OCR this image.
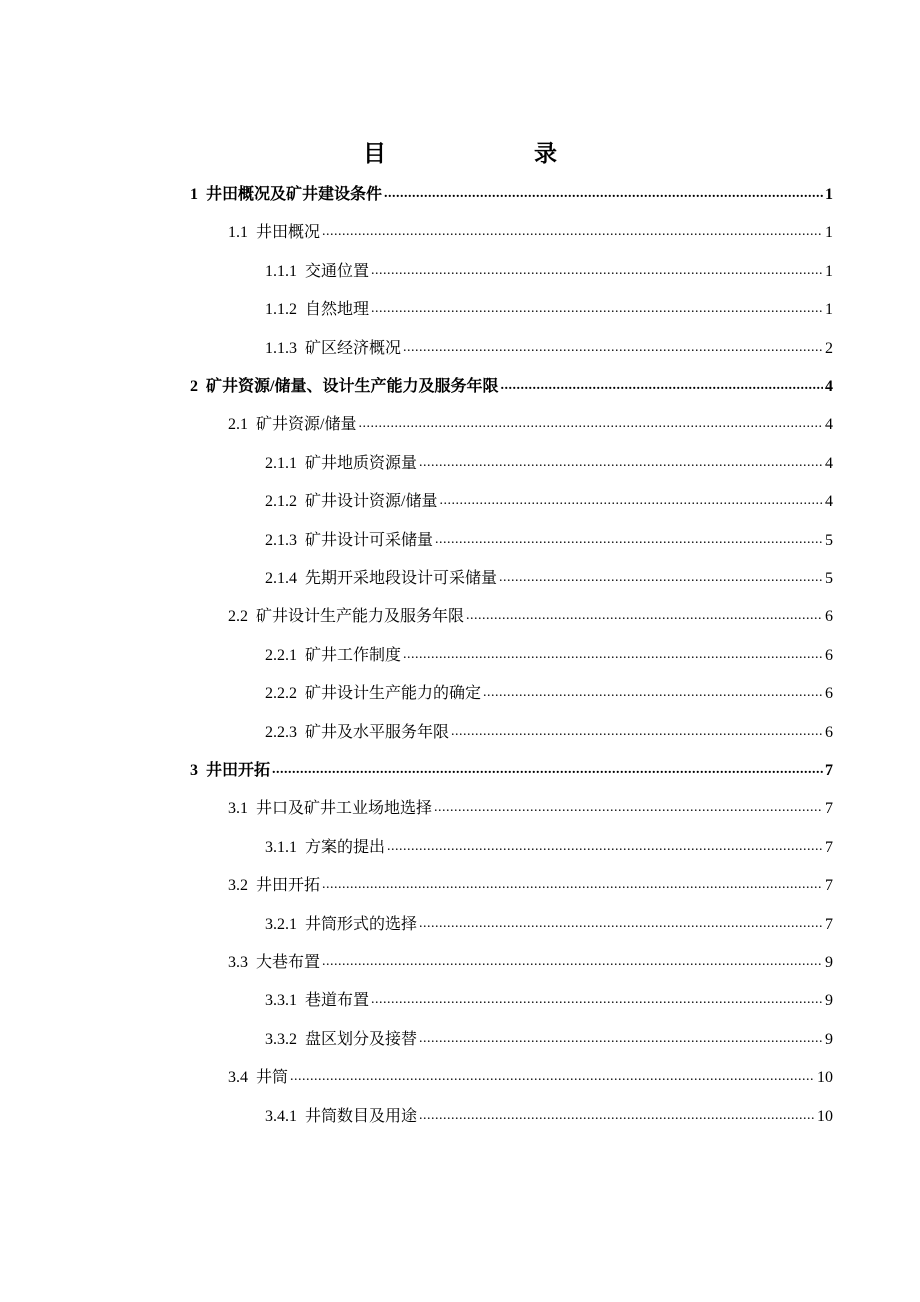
目　　录
1 井田概况及矿井建设条件 .....	1
1.1 井田概况 .....	1
1.1.1 交通位置 .....	1
1.1.2 自然地理 .....	1
1.1.3 矿区经济概况 .....	2
2 矿井资源/储量、设计生产能力及服务年限 .....	4
2.1 矿井资源/储量 .....	4
2.1.1 矿井地质资源量 .....	4
2.1.2 矿井设计资源/储量 .....	4
2.1.3 矿井设计可采储量 .....	5
2.1.4 先期开采地段设计可采储量 .....	5
2.2 矿井设计生产能力及服务年限 .....	6
2.2.1 矿井工作制度 .....	6
2.2.2 矿井设计生产能力的确定 .....	6
2.2.3 矿井及水平服务年限 .....	6
3 井田开拓 .....	7
3.1 井口及矿井工业场地选择 .....	7
3.1.1 方案的提出 .....	7
3.2 井田开拓 .....	7
3.2.1 井筒形式的选择 .....	7
3.3 大巷布置 .....	9
3.3.1 巷道布置 .....	9
3.3.2 盘区划分及接替 .....	9
3.4 井筒 .....	10
3.4.1 井筒数目及用途 .....	10
